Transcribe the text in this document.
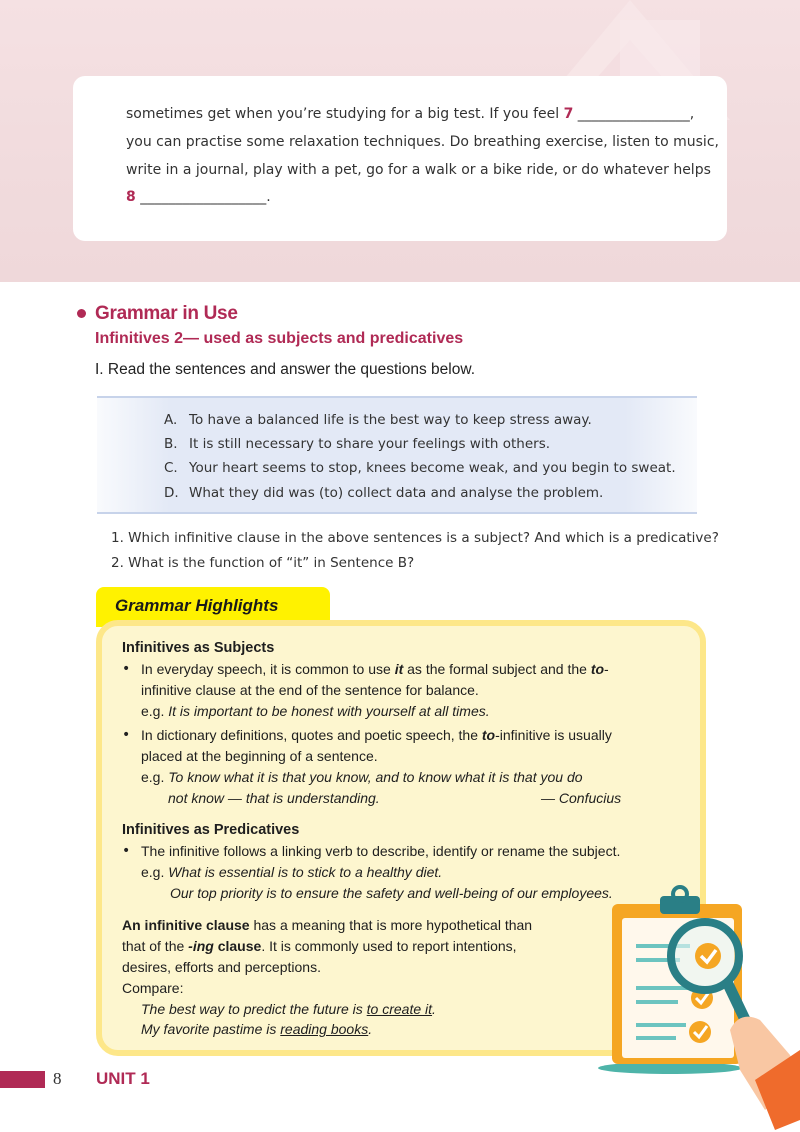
sometimes get when you’re studying for a big test. If you feel 7 ________________,
you can practise some relaxation techniques. Do breathing exercise, listen to music,
write in a journal, play with a pet, go for a walk or a bike ride, or do whatever helps
8 __________________.
Grammar in Use
Infinitives 2— used as subjects and predicatives
I. Read the sentences and answer the questions below.
A. To have a balanced life is the best way to keep stress away.
B. It is still necessary to share your feelings with others.
C. Your heart seems to stop, knees become weak, and you begin to sweat.
D. What they did was (to) collect data and analyse the problem.
1. Which infinitive clause in the above sentences is a subject? And which is a predicative?
2. What is the function of “it” in Sentence B?
Grammar Highlights
Infinitives as Subjects
• In everyday speech, it is common to use it as the formal subject and the to-
infinitive clause at the end of the sentence for balance.
e.g. It is important to be honest with yourself at all times.
• In dictionary definitions, quotes and poetic speech, the to-infinitive is usually
placed at the beginning of a sentence.
e.g. To know what it is that you know, and to know what it is that you do
not know — that is understanding.	— Confucius
Infinitives as Predicatives
• The infinitive follows a linking verb to describe, identify or rename the subject.
e.g. What is essential is to stick to a healthy diet.
Our top priority is to ensure the safety and well-being of our employees.
An infinitive clause has a meaning that is more hypothetical than
that of the -ing clause. It is commonly used to report intentions,
desires, efforts and perceptions.
Compare:
The best way to predict the future is to create it.
My favorite pastime is reading books.
8 UNIT 1
